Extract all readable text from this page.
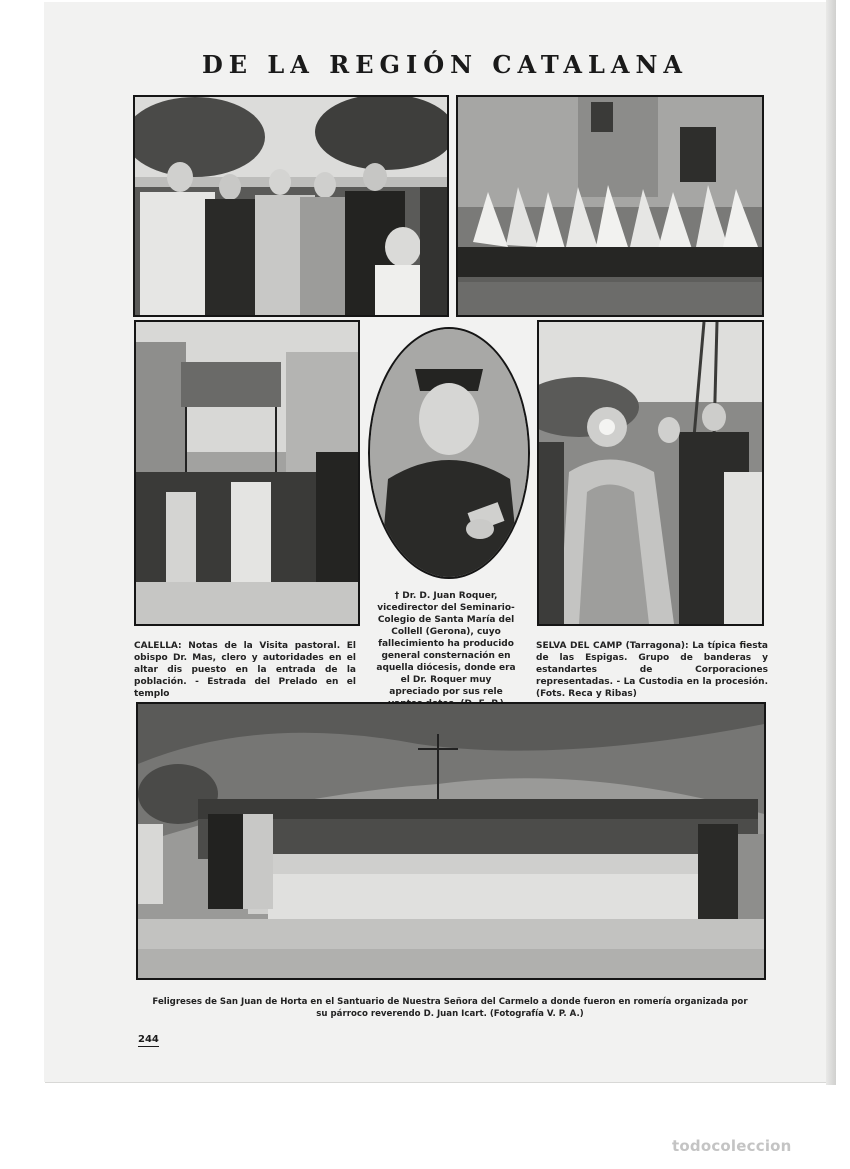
DE LA REGIÓN CATALANA
CALELLA: Notas de la Visita pastoral. El obispo Dr. Mas, clero y autoridades en el altar dis puesto en la entrada de la población. - Estrada del Prelado en el templo
† Dr. D. Juan Roquer, vicedirector del Seminario-Colegio de Santa María del Collell (Gerona), cuyo fallecimiento ha producido general consternación en aquella diócesis, donde era el Dr. Roquer muy apreciado por sus rele
SELVA DEL CAMP (Tarragona): La típica fiesta de las Espigas. Grupo de banderas y estandartes de Corporaciones representadas. - La Custodia en la procesión. (Fots. Reca y Ribas)
Feligreses de San Juan de Horta en el Santuario de Nuestra Señora del Carmelo a donde fueron en romería organizada por su párroco reverendo D. Juan Icart. (Fotografía V. P. A.)
244
todocoleccion
